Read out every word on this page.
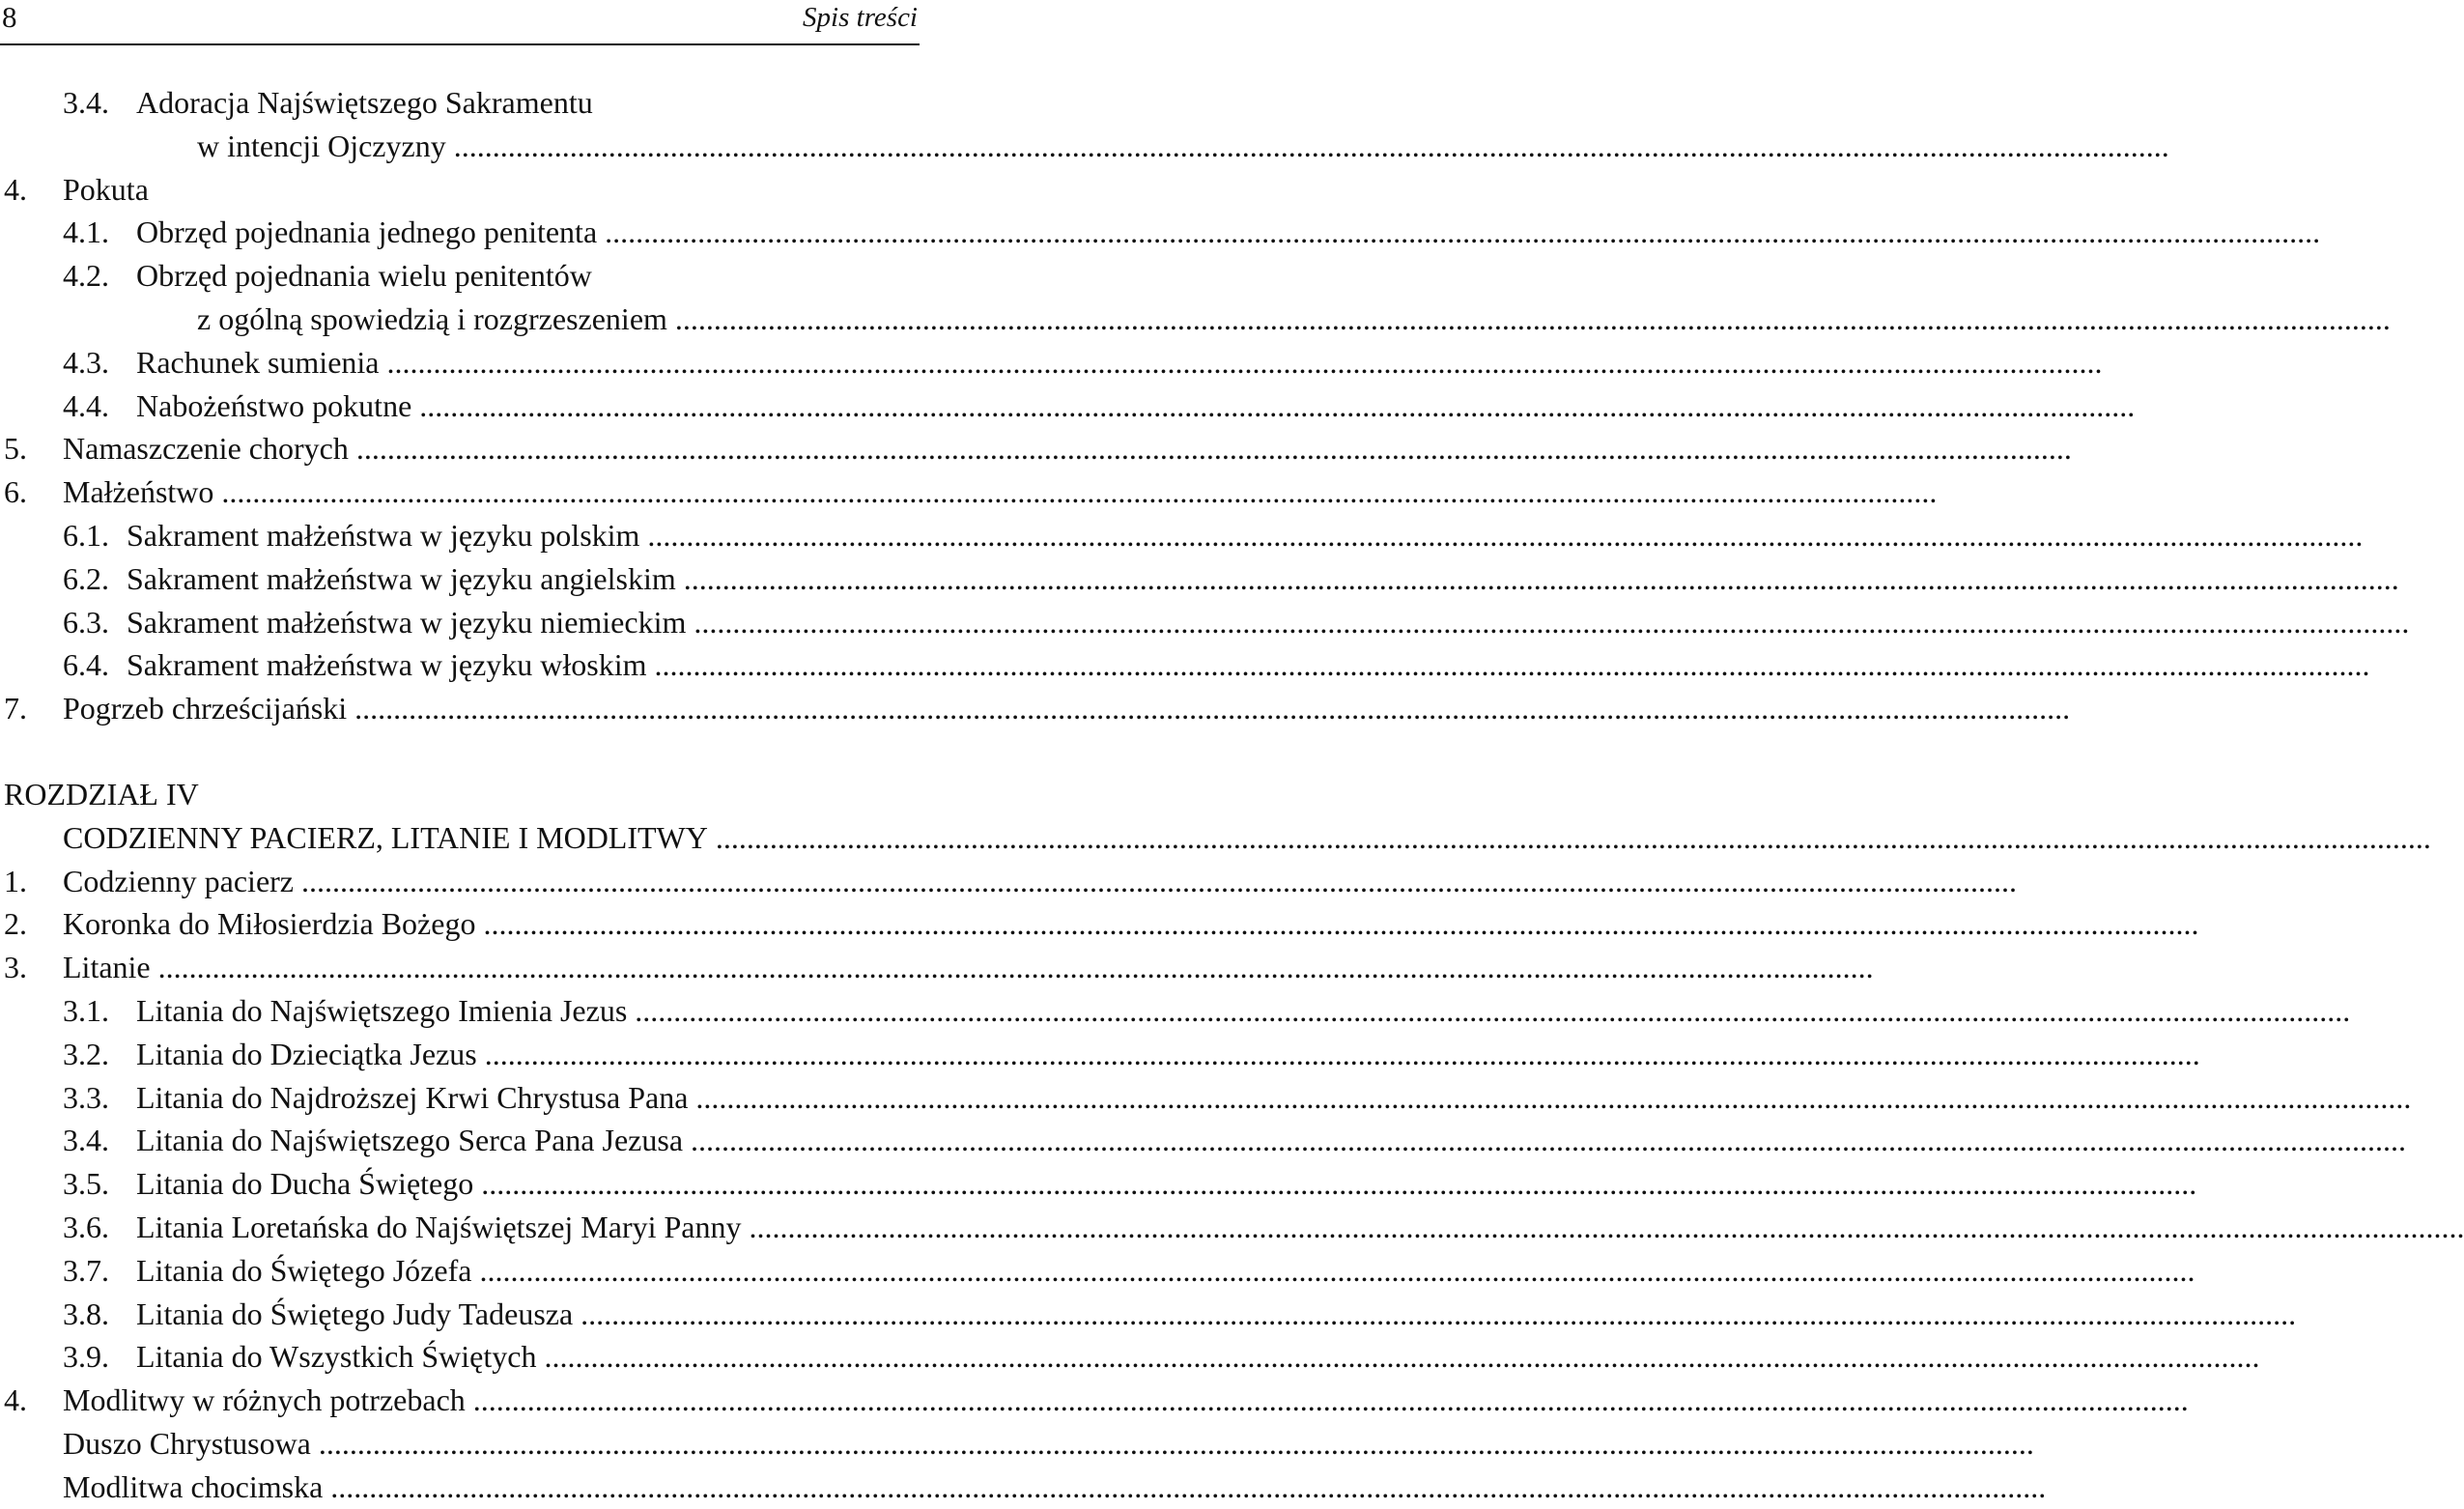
8	Spis treści
3.4. Adoracja Najświętszego Sakramentu
w intencji Ojczyzny ..............................................................................................................................................................................................................................
4. Pokuta
4.1. Obrzęd pojednania jednego penitenta ..............................................................................................................................................................................................................................
4.2. Obrzęd pojednania wielu penitentów
z ogólną spowiedzią i rozgrzeszeniem ..............................................................................................................................................................................................................................
4.3. Rachunek sumienia ..............................................................................................................................................................................................................................
4.4. Nabożeństwo pokutne ..............................................................................................................................................................................................................................
5. Namaszczenie chorych ..............................................................................................................................................................................................................................
6. Małżeństwo ..............................................................................................................................................................................................................................
6.1. Sakrament małżeństwa w języku polskim ..............................................................................................................................................................................................................................
6.2. Sakrament małżeństwa w języku angielskim ..............................................................................................................................................................................................................................
6.3. Sakrament małżeństwa w języku niemieckim ..............................................................................................................................................................................................................................
6.4. Sakrament małżeństwa w języku włoskim ..............................................................................................................................................................................................................................
7. Pogrzeb chrześcijański ..............................................................................................................................................................................................................................
ROZDZIAŁ IV
CODZIENNY PACIERZ, LITANIE I MODLITWY ..............................................................................................................................................................................................................................
1. Codzienny pacierz ..............................................................................................................................................................................................................................
2. Koronka do Miłosierdzia Bożego ..............................................................................................................................................................................................................................
3. Litanie ..............................................................................................................................................................................................................................
3.1. Litania do Najświętszego Imienia Jezus ..............................................................................................................................................................................................................................
3.2. Litania do Dzieciątka Jezus ..............................................................................................................................................................................................................................
3.3. Litania do Najdroższej Krwi Chrystusa Pana ..............................................................................................................................................................................................................................
3.4. Litania do Najświętszego Serca Pana Jezusa ..............................................................................................................................................................................................................................
3.5. Litania do Ducha Świętego ..............................................................................................................................................................................................................................
3.6. Litania Loretańska do Najświętszej Maryi Panny ..............................................................................................................................................................................................................................
3.7. Litania do Świętego Józefa ..............................................................................................................................................................................................................................
3.8. Litania do Świętego Judy Tadeusza ..............................................................................................................................................................................................................................
3.9. Litania do Wszystkich Świętych ..............................................................................................................................................................................................................................
4. Modlitwy w różnych potrzebach ..............................................................................................................................................................................................................................
Duszo Chrystusowa ..............................................................................................................................................................................................................................
Modlitwa chocimska ..............................................................................................................................................................................................................................
